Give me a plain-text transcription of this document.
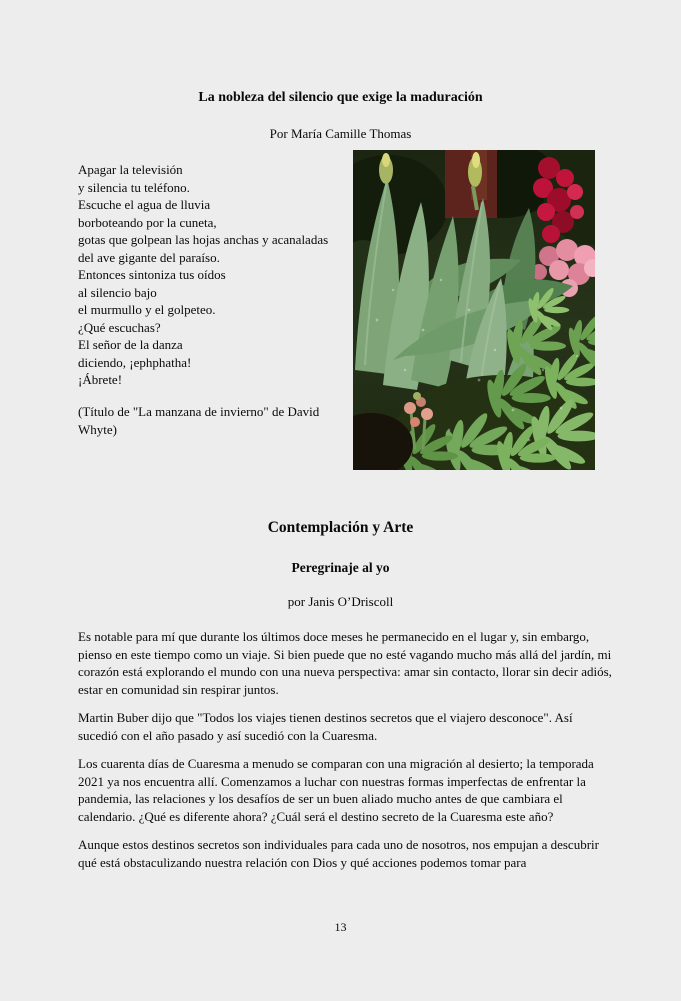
La nobleza del silencio que exige la maduración
Por María Camille Thomas
Apagar la televisión
y silencia tu teléfono.
Escuche el agua de lluvia
borboteando por la cuneta,
gotas que golpean las hojas anchas y acanaladas
del ave gigante del paraíso.
Entonces sintoniza tus oídos
al silencio bajo
el murmullo y el golpeteo.
¿Qué escuchas?
El señor de la danza
diciendo, ¡ephphatha!
¡Ábrete!
(Título de "La manzana de invierno" de David Whyte)
Contemplación y Arte
Peregrinaje al yo
por Janis O’Driscoll

Es notable para mí que durante los últimos doce meses he permanecido en el lugar y, sin embargo, pienso en este tiempo como un viaje. Si bien puede que no esté vagando mucho más allá del jardín, mi corazón está explorando el mundo con una nueva perspectiva: amar sin contacto, llorar sin decir adiós, estar en comunidad sin respirar juntos.

Martin Buber dijo que "Todos los viajes tienen destinos secretos que el viajero desconoce". Así sucedió con el año pasado y así sucedió con la Cuaresma.

Los cuarenta días de Cuaresma a menudo se comparan con una migración al desierto; la temporada 2021 ya nos encuentra allí. Comenzamos a luchar con nuestras formas imperfectas de enfrentar la pandemia, las relaciones y los desafíos de ser un buen aliado mucho antes de que cambiara el calendario. ¿Qué es diferente ahora? ¿Cuál será el destino secreto de la Cuaresma este año?

Aunque estos destinos secretos son individuales para cada uno de nosotros, nos empujan a descubrir qué está obstaculizando nuestra relación con Dios y qué acciones podemos tomar para

13
